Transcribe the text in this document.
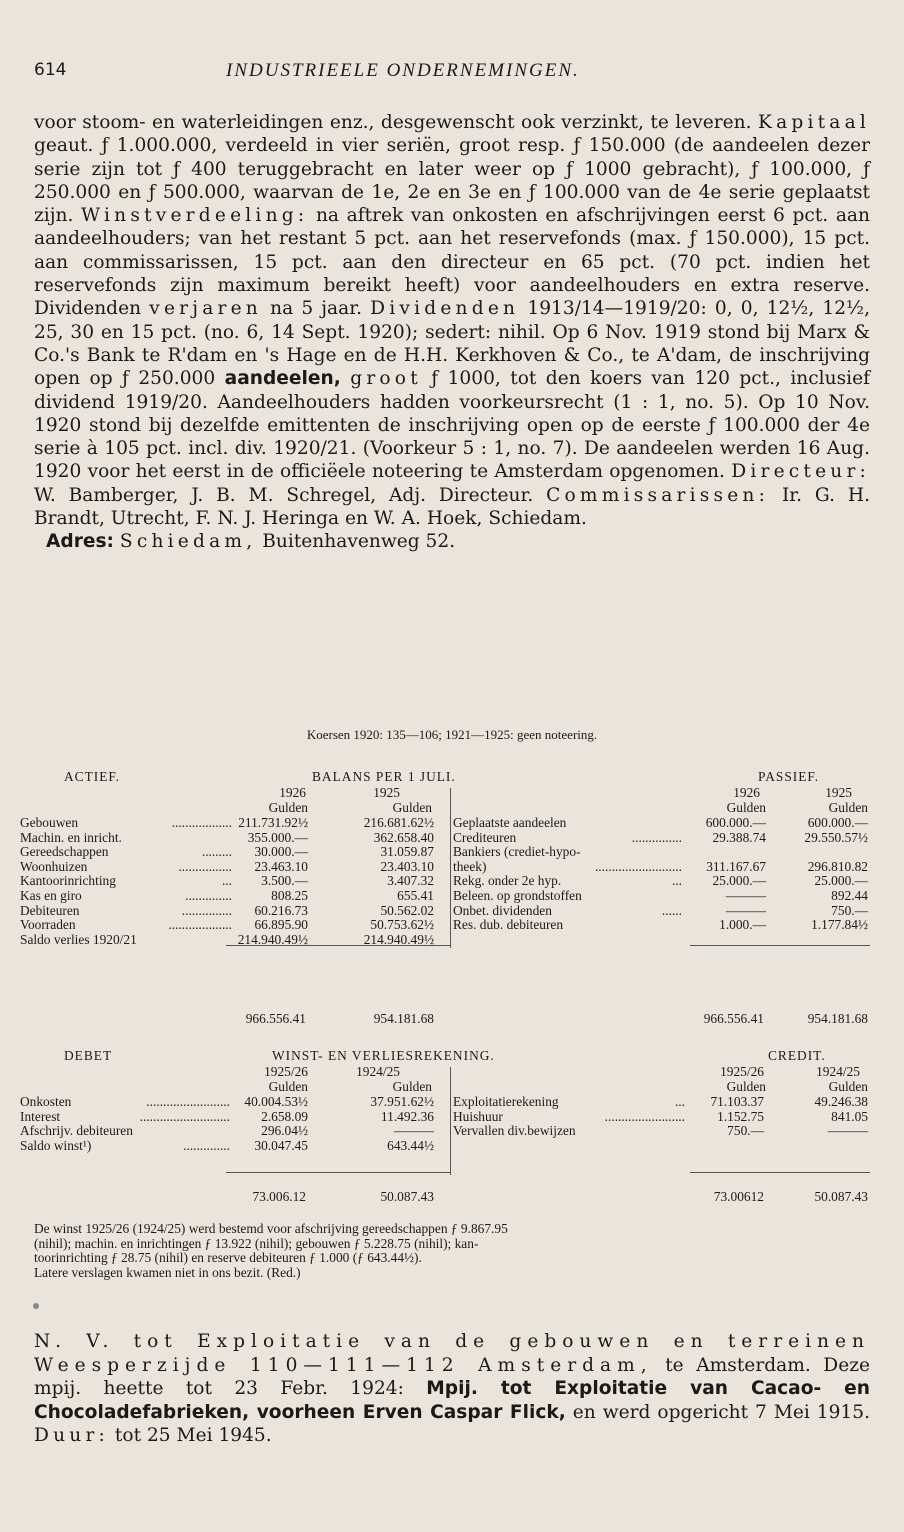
614	INDUSTRIEELE ONDERNEMINGEN.

voor stoom- en waterleidingen enz., desgewenscht ook verzinkt, te leveren. Kapitaal geaut. ƒ 1.000.000, verdeeld in vier seriën, groot resp. ƒ 150.000 (de aandeelen dezer serie zijn tot ƒ 400 teruggebracht en later weer op ƒ 1000 gebracht), ƒ 100.000, ƒ 250.000 en ƒ 500.000, waarvan de 1e, 2e en 3e en ƒ 100.000 van de 4e serie geplaatst zijn. Winstverdeeling: na aftrek van onkosten en afschrijvingen eerst 6 pct. aan aandeelhouders; van het restant 5 pct. aan het reservefonds (max. ƒ 150.000), 15 pct. aan commissarissen, 15 pct. aan den directeur en 65 pct. (70 pct. indien het reservefonds zijn maximum bereikt heeft) voor aandeelhouders en extra reserve. Dividenden verjaren na 5 jaar. Dividenden 1913/14—1919/20: 0, 0, 12½, 12½, 25, 30 en 15 pct. (no. 6, 14 Sept. 1920); sedert: nihil. Op 6 Nov. 1919 stond bij Marx & Co.'s Bank te R'dam en 's Hage en de H.H. Kerkhoven & Co., te A'dam, de inschrijving open op ƒ 250.000 aandeelen, groot ƒ 1000, tot den koers van 120 pct., inclusief dividend 1919/20. Aandeelhouders hadden voorkeursrecht (1 : 1, no. 5). Op 10 Nov. 1920 stond bij dezelfde emittenten de inschrijving open op de eerste ƒ 100.000 der 4e serie à 105 pct. incl. div. 1920/21. (Voorkeur 5 : 1, no. 7). De aandeelen werden 16 Aug. 1920 voor het eerst in de officiëele noteering te Amsterdam opgenomen. Directeur: W. Bamberger, J. B. M. Schregel, Adj. Directeur. Commissarissen: Ir. G. H. Brandt, Utrecht, F. N. J. Heringa en W. A. Hoek, Schiedam.

Adres: Schiedam, Buitenhavenweg 52.

Koersen 1920: 135—106; 1921—1925: geen noteering.
ACTIEF.	BALANS PER 1 JULI.	PASSIEF.
1926	1925
Gulden	Gulden
1926	1925
Gulden	Gulden
Gebouwen	.................. 211.731.92½	216.681.62½
Machin. en inricht.	355.000.—	362.658.40
Gereedschappen	.........	30.000.—	31.059.87
Woonhuizen	................	23.463.10	23.403.10
Kantoorinrichting	...	3.500.—	3.407.32
Kas en giro	..............	808.25	655.41
Debiteuren	...............	60.216.73	50.562.02
Voorraden	...................	66.895.90	50.753.62½
Saldo verlies 1920/21	214.940.49½	214.940.49½
Geplaatste aandeelen	600.000.—	600.000.—
Crediteuren	...............	29.388.74	29.550.57½
Bankiers (crediet-hypo-
theek)	..........................	311.167.67	296.810.82
Rekg. onder 2e hyp.	...	25.000.—	25.000.—
Beleen. op grondstoffen	———	892.44
Onbet. dividenden	......	———	750.—
Res. dub. debiteuren	1.000.—	1.177.84½
966.556.41	954.181.68	966.556.41	954.181.68
DEBET	WINST- EN VERLIESREKENING.	CREDIT.
1925/26	1924/25
Gulden	Gulden
1925/26	1924/25
Gulden	Gulden
Onkosten	.........................	40.004.53½	37.951.62½
Interest	...........................	2.658.09	11.492.36
Afschrijv. debiteuren	296.04½	———
Saldo winst¹)	..............	30.047.45	643.44½
Exploitatierekening	...	71.103.37	49.246.38
Huishuur	........................	1.152.75	841.05
Vervallen div.bewijzen	750.—	———
73.006.12	50.087.43	73.00612	50.087.43
De winst 1925/26 (1924/25) werd bestemd voor afschrijving gereedschappen ƒ 9.867.95
(nihil); machin. en inrichtingen ƒ 13.922 (nihil); gebouwen ƒ 5.228.75 (nihil); kan-
toorinrichting ƒ 28.75 (nihil) en reserve debiteuren ƒ 1.000 (ƒ 643.44½).
Latere verslagen kwamen niet in ons bezit. (Red.)

N. V. tot Exploitatie van de gebouwen en terreinen Weesperzijde 110—111—112 Amsterdam, te Amsterdam. Deze mpij. heette tot 23 Febr. 1924: Mpij. tot Exploitatie van Cacao- en Chocoladefabrieken, voorheen Erven Caspar Flick, en werd opgericht 7 Mei 1915. Duur: tot 25 Mei 1945.
